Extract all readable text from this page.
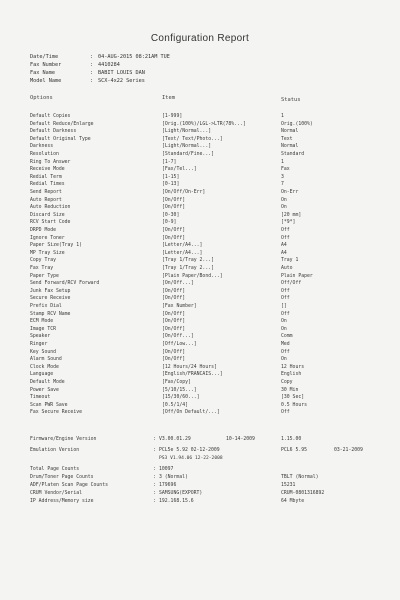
Configuration Report
Date/Time	: 04-AUG-2015 08:21AM TUE
Fax Number	: 4410284
Fax Name	: BABIT LOUIS DAN
Model Name	: SCX-4x22 Series
Options	Item	Status
Default Copies	[1-999]	1
Default Reduce/Enlarge	[Orig.(100%)/LGL->LTR(78%...]	Orig.(100%)
Default Darkness	[Light/Normal...]	Normal
Default Original Type	[Text/ Text/Photo...]	Text
Darkness	[Light/Normal...]	Normal
Resolution	[Standard/Fine...]	Standard
Ring To Answer	[1-7]	1
Receive Mode	[Fax/Tel...]	Fax
Redial Term	[1-15]	3
Redial Times	[0-13]	7
Send Report	[On/Off/On-Err]	On-Err
Auto Report	[On/Off]	On
Auto Reduction	[On/Off]	On
Discard Size	[0-30]	[20 mm]
RCV Start Code	[0-9]	[*9*]
DRPD Mode	[On/Off]	Off
Ignore Toner	[On/Off]	Off
Paper Size(Tray 1)	[Letter/A4...]	A4
MP Tray Size	[Letter/A4...]	A4
Copy Tray	[Tray 1/Tray 2...]	Tray 1
Fax Tray	[Tray 1/Tray 2...]	Auto
Paper Type	[Plain Paper/Bond...]	Plain Paper
Send Forward/RCV Forward	[On/Off...]	Off/Off
Junk Fax Setup	[On/Off]	Off
Secure Receive	[On/Off]	Off
Prefix Dial	[Fax Number]	[]
Stamp RCV Name	[On/Off]	Off
ECM Mode	[On/Off]	On
Image TCR	[On/Off]	On
Speaker	[On/Off...]	Comm
Ringer	[Off/Low...]	Med
Key Sound	[On/Off]	Off
Alarm Sound	[On/Off]	On
Clock Mode	[12 Hours/24 Hours]	12 Hours
Language	[English/FRANCAIS...]	English
Default Mode	[Fax/Copy]	Copy
Power Save	[5/10/15...]	30 Min
Timeout	[15/30/60...]	[30 Sec]
Scan PWR Save	[0.5/1/4]	0.5 Hours
Fax Secure Receive	[Off/On Default/...]	Off
Firmware/Engine Version	: V3.00.01.29	10-14-2009	1.15.00
Emulation Version	: PCL5e 5.92 02-12-2009	PCL6 5.95	03-21-2009
Total Page Counts	: 10097
Drum/Toner Page Counts	: 3 (Normal)	TBLT (Normal)
ADF/Platen Scan Page Counts	: 179696	15231
CRUM Vendor/Serial	: SAMSUNG(EXPORT)	CRUM-0801316892
IP Address/Memory size	: 192.168.15.6	64 Mbyte
PS3 V1.94.06 12-22-2008
